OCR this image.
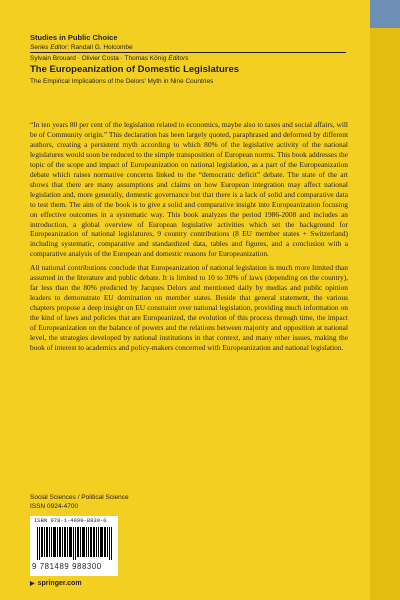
Studies in Public Choice
Series Editor: Randall G. Holcombe
Sylvain Brouard · Olivier Costa · Thomas König Editors
The Europeanization of Domestic Legislatures
The Empirical Implications of the Delors' Myth in Nine Countries

“In ten years 80 per cent of the legislation related to economics, maybe also to taxes and social affairs, will be of Community origin.” This declaration has been largely quoted, paraphrased and deformed by different authors, creating a persistent myth according to which 80% of the legislative activity of the national legislatures would soon be reduced to the simple transposition of European norms. This book addresses the topic of the scope and impact of Europeanization on national legislation, as a part of the Europeanization debate which raises normative concerns linked to the “democratic deficit” debate. The state of the art shows that there are many assumptions and claims on how European integration may affect national legislation and, more generally, domestic governance but that there is a lack of solid and comparative data to test them. The aim of the book is to give a solid and comparative insight into Europeanization focusing on effective outcomes in a systematic way. This book analyzes the period 1986-2008 and includes an introduction, a global overview of European legislative activities which set the background for Europeanization of national legislatures, 9 country contributions (8 EU member states + Switzerland) including systematic, comparative and standardized data, tables and figures, and a conclusion with a comparative analysis of the European and domestic reasons for Europeanization.

All national contributions conclude that Europeanization of national legislation is much more limited than assumed in the literature and public debate. It is limited to 10 to 30% of laws (depending on the country), far less than the 80% predicted by Jacques Delors and mentioned daily by medias and public opinion leaders to demonstrate EU domination on member states. Beside that general statement, the various chapters propose a deep insight on EU constraint over national legislation, providing much information on the kind of laws and policies that are Europeanized, the evolution of this process through time, the impact of Europeanization on the balance of powers and the relations between majority and opposition at national level, the strategies developed by national institutions in that context, and many other issues, making the book of interest to academics and policy-makers concerned with Europeanization and national legislation.

Social Sciences / Political Science
ISSN 0924-4700
ISBN 978-1-4899-8830-0
9 781489 988300
▶ springer.com
